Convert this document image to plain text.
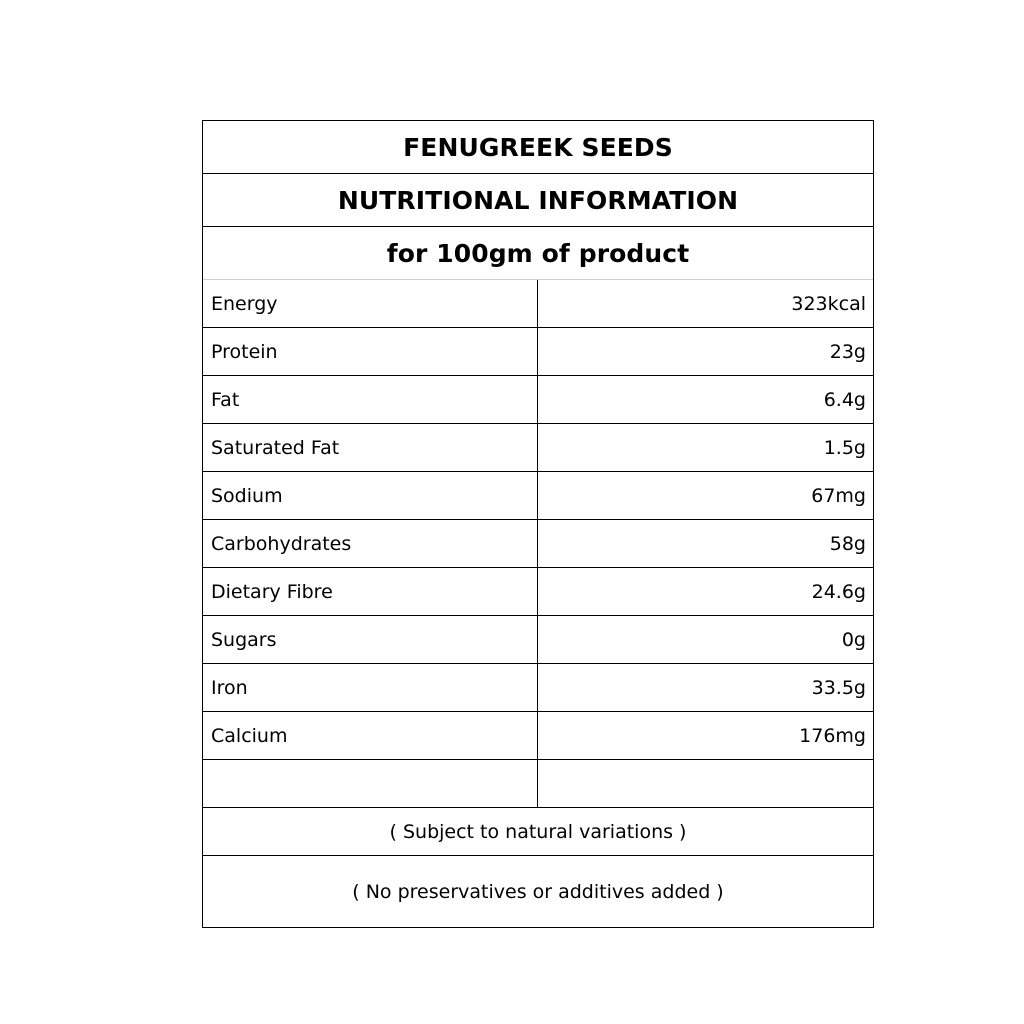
FENUGREEK SEEDS
NUTRITIONAL INFORMATION
for 100gm of product
Energy	323kcal
Protein	23g
Fat	6.4g
Saturated Fat	1.5g
Sodium	67mg
Carbohydrates	58g
Dietary Fibre	24.6g
Sugars	0g
Iron	33.5g
Calcium	176mg
( Subject to natural variations )
( No preservatives or additives added )
